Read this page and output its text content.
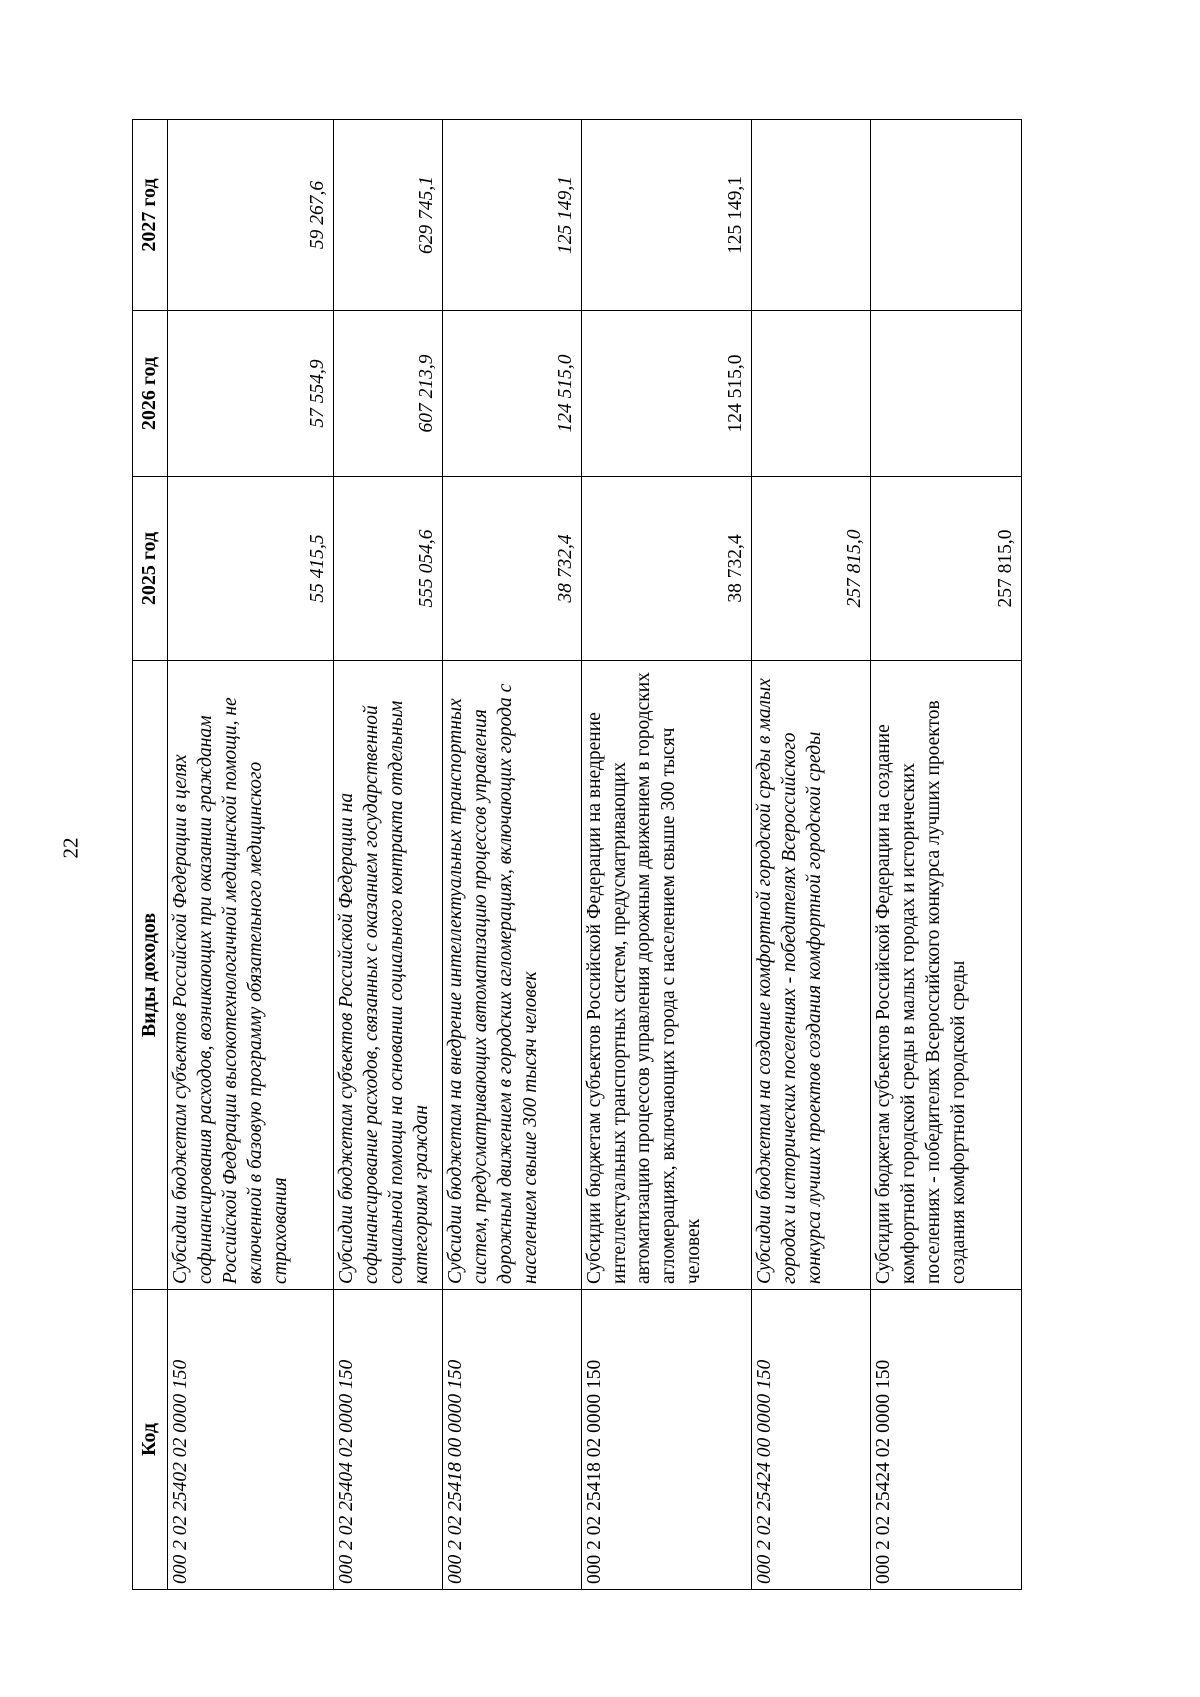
22
Код	Виды доходов	2025 год	2026 год	2027 год
000 2 02 25402 02 0000 150	Субсидии бюджетам субъектов Российской Федерации в целях софинансирования расходов, возникающих при оказании гражданам Российской Федерации высокотехнологичной медицинской помощи, не включенной в базовую программу обязательного медицинского страхования	55 415,5	57 554,9	59 267,6
000 2 02 25404 02 0000 150	Субсидии бюджетам субъектов Российской Федерации на софинансирование расходов, связанных с оказанием государственной социальной помощи на основании социального контракта отдельным категориям граждан	555 054,6	607 213,9	629 745,1
000 2 02 25418 00 0000 150	Субсидии бюджетам на внедрение интеллектуальных транспортных систем, предусматривающих автоматизацию процессов управления дорожным движением в городских агломерациях, включающих города с населением свыше 300 тысяч человек	38 732,4	124 515,0	125 149,1
000 2 02 25418 02 0000 150	Субсидии бюджетам субъектов Российской Федерации на внедрение интеллектуальных транспортных систем, предусматривающих автоматизацию процессов управления дорожным движением в городских агломерациях, включающих города с населением свыше 300 тысяч человек	38 732,4	124 515,0	125 149,1
000 2 02 25424 00 0000 150	Субсидии бюджетам на создание комфортной городской среды в малых городах и исторических поселениях - победителях Всероссийского конкурса лучших проектов создания комфортной городской среды	257 815,0		
000 2 02 25424 02 0000 150	Субсидии бюджетам субъектов Российской Федерации на создание комфортной городской среды в малых городах и исторических поселениях - победителях Всероссийского конкурса лучших проектов создания комфортной городской среды	257 815,0		
